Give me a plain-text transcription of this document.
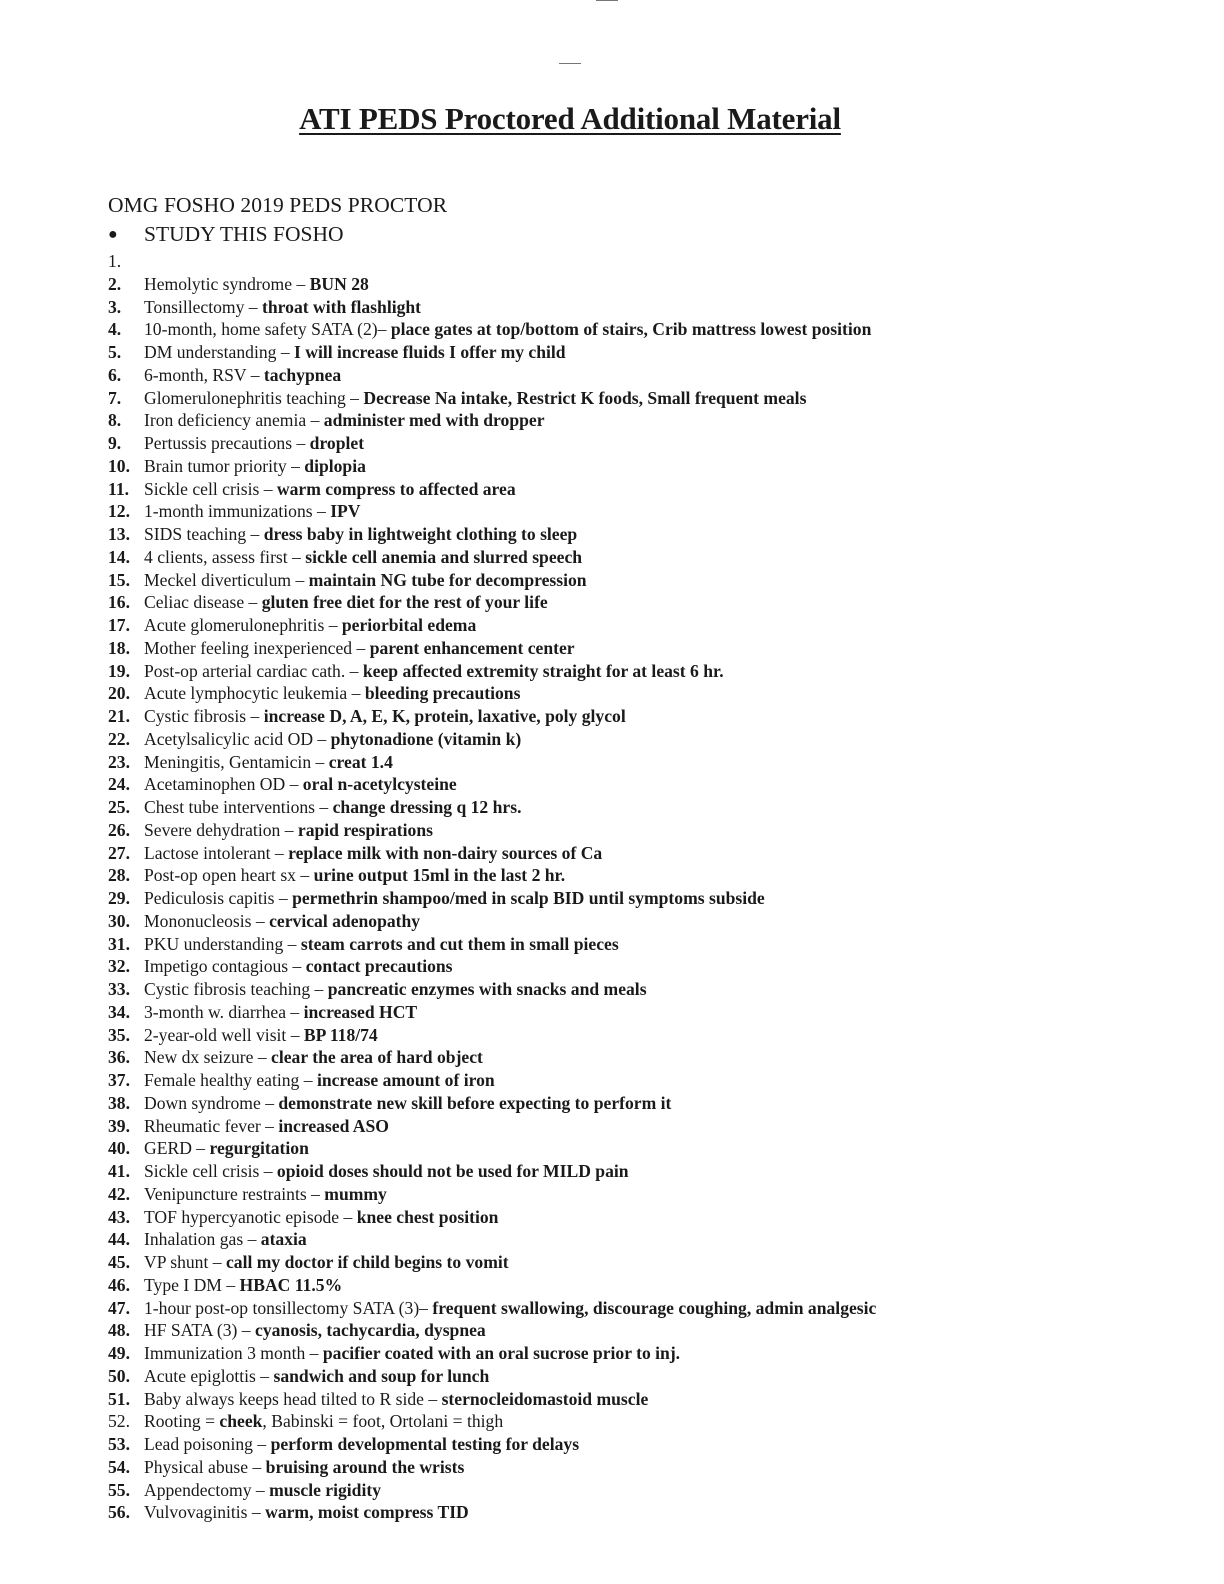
ATI PEDS Proctored Additional Material
OMG FOSHO 2019 PEDS PROCTOR
● STUDY THIS FOSHO
1.
2. Hemolytic syndrome – BUN 28
3. Tonsillectomy – throat with flashlight
4. 10-month, home safety SATA (2)– place gates at top/bottom of stairs, Crib mattress lowest position
5. DM understanding – I will increase fluids I offer my child
6. 6-month, RSV – tachypnea
7. Glomerulonephritis teaching – Decrease Na intake, Restrict K foods, Small frequent meals
8. Iron deficiency anemia – administer med with dropper
9. Pertussis precautions – droplet
10. Brain tumor priority – diplopia
11. Sickle cell crisis – warm compress to affected area
12. 1-month immunizations – IPV
13. SIDS teaching – dress baby in lightweight clothing to sleep
14. 4 clients, assess first – sickle cell anemia and slurred speech
15. Meckel diverticulum – maintain NG tube for decompression
16. Celiac disease – gluten free diet for the rest of your life
17. Acute glomerulonephritis – periorbital edema
18. Mother feeling inexperienced – parent enhancement center
19. Post-op arterial cardiac cath. – keep affected extremity straight for at least 6 hr.
20. Acute lymphocytic leukemia – bleeding precautions
21. Cystic fibrosis – increase D, A, E, K, protein, laxative, poly glycol
22. Acetylsalicylic acid OD – phytonadione (vitamin k)
23. Meningitis, Gentamicin – creat 1.4
24. Acetaminophen OD – oral n-acetylcysteine
25. Chest tube interventions – change dressing q 12 hrs.
26. Severe dehydration – rapid respirations
27. Lactose intolerant – replace milk with non-dairy sources of Ca
28. Post-op open heart sx – urine output 15ml in the last 2 hr.
29. Pediculosis capitis – permethrin shampoo/med in scalp BID until symptoms subside
30. Mononucleosis – cervical adenopathy
31. PKU understanding – steam carrots and cut them in small pieces
32. Impetigo contagious – contact precautions
33. Cystic fibrosis teaching – pancreatic enzymes with snacks and meals
34. 3-month w. diarrhea – increased HCT
35. 2-year-old well visit – BP 118/74
36. New dx seizure – clear the area of hard object
37. Female healthy eating – increase amount of iron
38. Down syndrome – demonstrate new skill before expecting to perform it
39. Rheumatic fever – increased ASO
40. GERD – regurgitation
41. Sickle cell crisis – opioid doses should not be used for MILD pain
42. Venipuncture restraints – mummy
43. TOF hypercyanotic episode – knee chest position
44. Inhalation gas – ataxia
45. VP shunt – call my doctor if child begins to vomit
46. Type I DM – HBAC 11.5%
47. 1-hour post-op tonsillectomy SATA (3)– frequent swallowing, discourage coughing, admin analgesic
48. HF SATA (3) – cyanosis, tachycardia, dyspnea
49. Immunization 3 month – pacifier coated with an oral sucrose prior to inj.
50. Acute epiglottis – sandwich and soup for lunch
51. Baby always keeps head tilted to R side – sternocleidomastoid muscle
52. Rooting = cheek, Babinski = foot, Ortolani = thigh
53. Lead poisoning – perform developmental testing for delays
54. Physical abuse – bruising around the wrists
55. Appendectomy – muscle rigidity
56. Vulvovaginitis – warm, moist compress TID
